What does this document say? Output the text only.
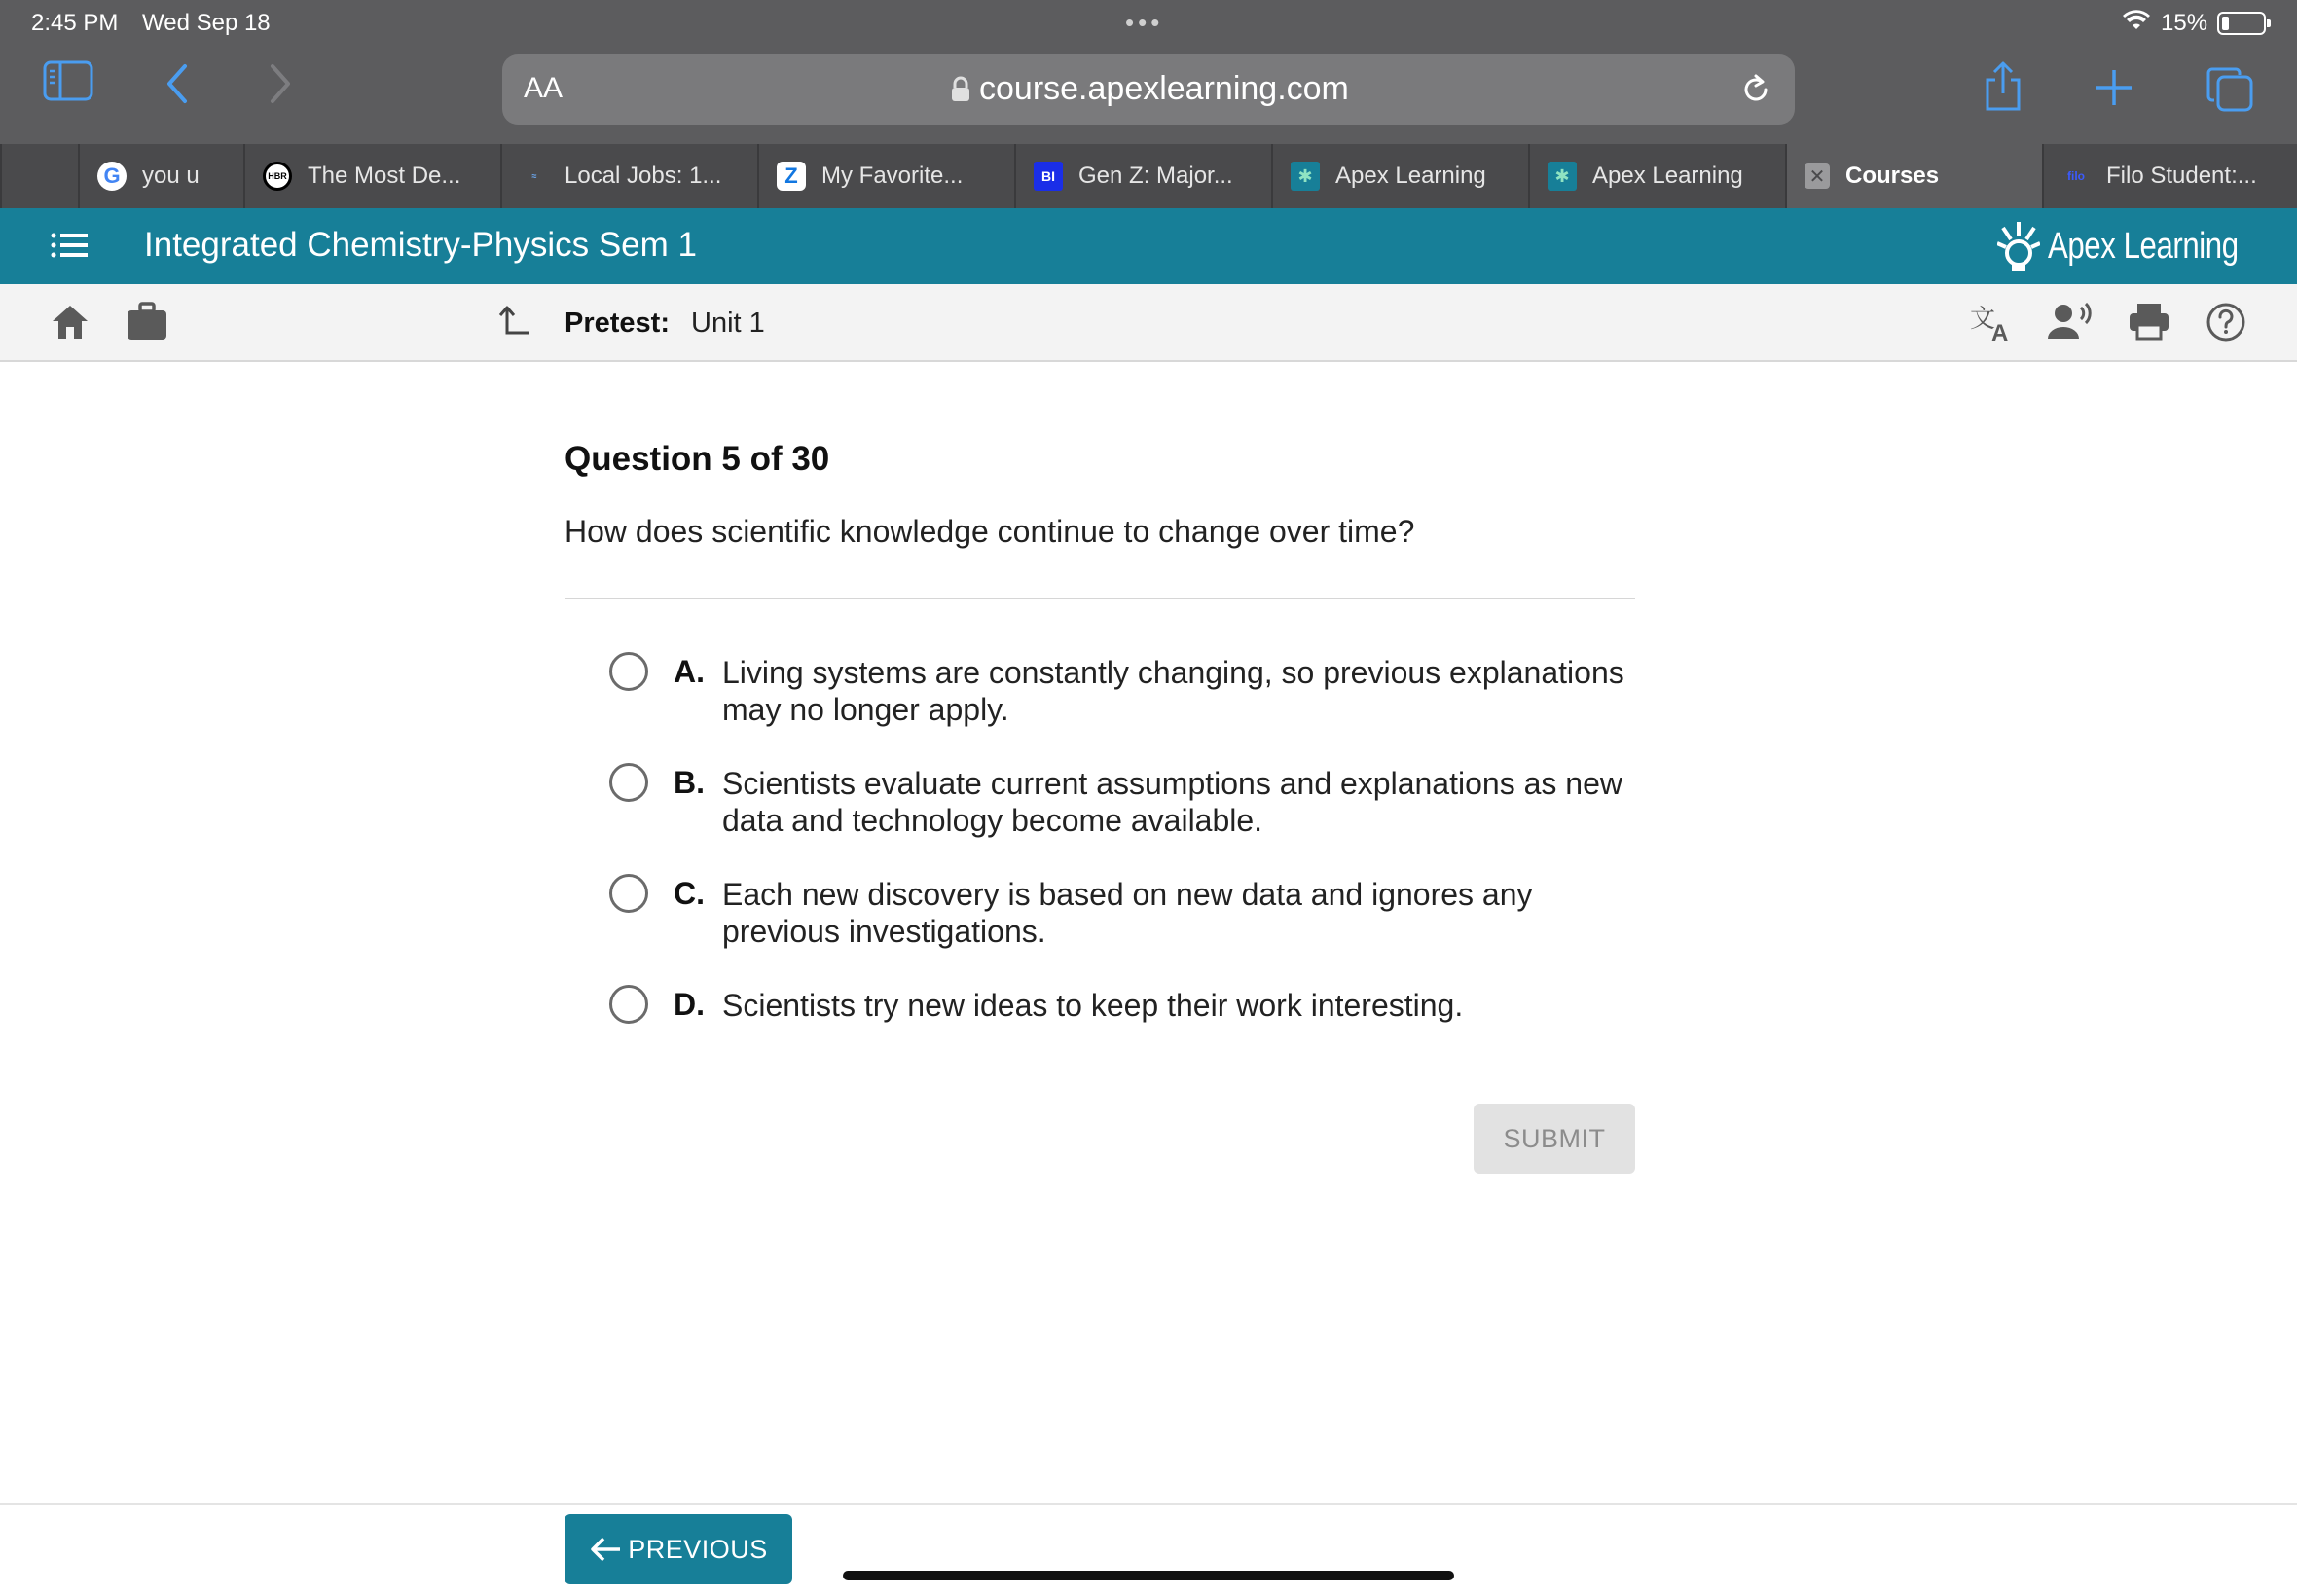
2:45 PM Wed Sep 18	•••	15%
AA	course.apexlearning.com
G you u	HBR The Most De...	≈	Local Jobs: 1...	Z	My Favorite...	BI	Gen Z: Major...	✱ Apex Learning	✱ Apex Learning	✕ Courses	filo Filo Student:...
Integrated Chemistry-Physics Sem 1	Apex Learning
Pretest: Unit 1	文
A
Question 5 of 30
How does scientific knowledge continue to change over time?
A. Living systems are constantly changing, so previous explanations may no longer apply.
B. Scientists evaluate current assumptions and explanations as new data and technology become available.
C. Each new discovery is based on new data and ignores any previous investigations.
D. Scientists try new ideas to keep their work interesting.
SUBMIT
PREVIOUS
